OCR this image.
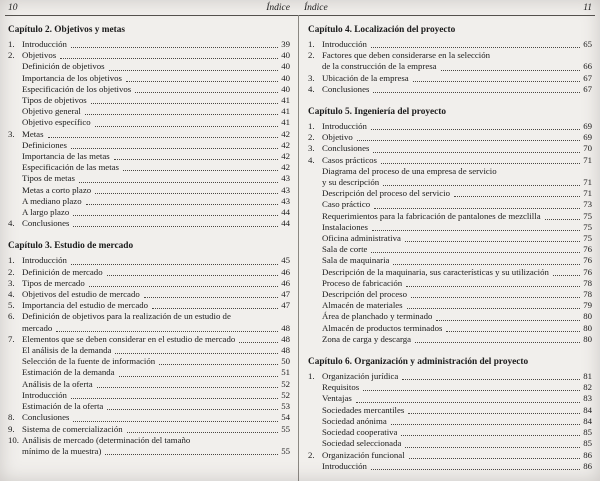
10	Índice Índice	11
Capítulo 2. Objetivos y metas
1. Introducción	39
2. Objetivos	40
Definición de objetivos	40
Importancia de los objetivos	40
Especificación de los objetivos	40
Tipos de objetivos	41
Objetivo general	41
Objetivo específico	41
3. Metas	42
Definiciones	42
Importancia de las metas	42
Especificación de las metas	42
Tipos de metas	43
Metas a corto plazo	43
A mediano plazo	43
A largo plazo	44
4. Conclusiones	44
Capítulo 3. Estudio de mercado
1. Introducción	45
2. Definición de mercado	46
3. Tipos de mercado	46
4. Objetivos del estudio de mercado	47
5. Importancia del estudio de mercado	47
6. Definición de objetivos para la realización de un estudio de
mercado	48
7. Elementos que se deben considerar en el estudio de mercado	48
El análisis de la demanda	48
Selección de la fuente de información	50
Estimación de la demanda	51
Análisis de la oferta	52
Introducción	52
Estimación de la oferta	53
8. Conclusiones	54
9. Sistema de comercialización	55
10. Análisis de mercado (determinación del tamaño
mínimo de la muestra)	55
Capítulo 4. Localización del proyecto
1. Introducción	65
2. Factores que deben considerarse en la selección
de la construcción de la empresa	66
3. Ubicación de la empresa	67
4. Conclusiones	67
Capítulo 5. Ingeniería del proyecto
1. Introducción	69
2. Objetivo	69
3. Conclusiones	70
4. Casos prácticos	71
Diagrama del proceso de una empresa de servicio
y su descripción	71
Descripción del proceso del servicio	71
Caso práctico	73
Requerimientos para la fabricación de pantalones de mezclilla	75
Instalaciones	75
Oficina administrativa	75
Sala de corte	76
Sala de maquinaria	76
Descripción de la maquinaria, sus características y su utilización	76
Proceso de fabricación	78
Descripción del proceso	78
Almacén de materiales	79
Área de planchado y terminado	80
Almacén de productos terminados	80
Zona de carga y descarga	80
Capítulo 6. Organización y administración del proyecto
1. Organización jurídica	81
Requisitos	82
Ventajas	83
Sociedades mercantiles	84
Sociedad anónima	84
Sociedad cooperativa	85
Sociedad seleccionada	85
2. Organización funcional	86
Introducción	86
